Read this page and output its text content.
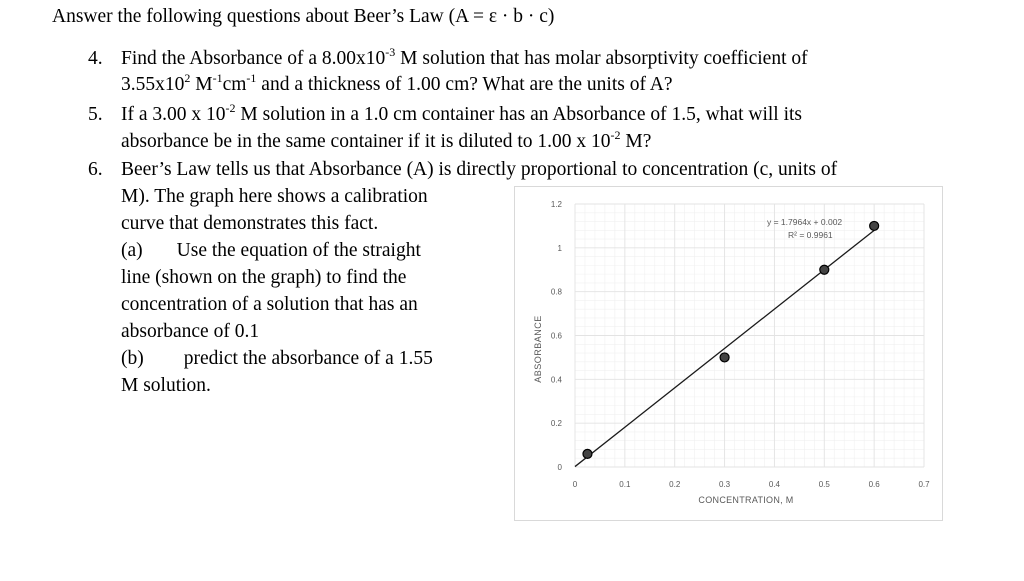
Answer the following questions about Beer’s Law (A = ε · b · c)
4. Find the Absorbance of a $8.00x10^{-3}$ M solution that has molar absorptivity coefficient of
$3.55x10^2$ $M^{-1}cm^{-1}$ and a thickness of 1.00 cm? What are the units of A?
5. If a 3.00 x $10^{-2}$ M solution in a 1.0 cm container has an Absorbance of 1.5, what will its
absorbance be in the same container if it is diluted to 1.00 x $10^{-2}$ M?
6. Beer’s Law tells us that Absorbance (A) is directly proportional to concentration (c, units of
M). The graph here shows a calibration
curve that demonstrates this fact.
(a) Use the equation of the straight
line (shown on the graph) to find the
concentration of a solution that has an
absorbance of 0.1
(b) predict the absorbance of a 1.55
M solution.
0
0.2
0.4
0.6
0.8
1
1.2
0	0.1	0.2	0.3	0.4	0.5	0.6	0.7
ABSORBANCE
CONCENTRATION, M
y = 1.7964x + 0.002
R² = 0.9961
